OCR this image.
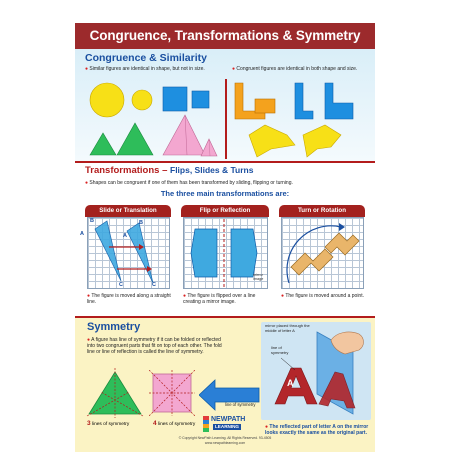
Congruence, Transformations & Symmetry
Congruence & Similarity
● Similar figures are identical in shape, but not in size.	● Congruent figures are identical in both shape and size.
Transformations – Flips, Slides & Turns
● Shapes can be congruent if one of them has been transformed by sliding, flipping or turning.
The three main transformations are:
Slide or Translation	Flip or Reflection	Turn or Rotation
B
A
C
B
A
C
mirror image
● The figure is moved along a straight line.
● The figure is flipped over a line creating a mirror image.
● The figure is moved around a point.
Symmetry
● A figure has line of symmetry if it can be folded or reflected into two congruent parts that fit on top of each other. The fold line or line of reflection is called the line of symmetry.
3 lines of symmetry	4 lines of symmetry
line of symmetry
mirror placed through the middle of letter A
line of symmetry
A
● The reflected part of letter A on the mirror looks exactly the same as the original part.
NEWPATH
LEARNING
© Copyright NewPath Learning. All Rights Reserved. 93-4505
www.newpathlearning.com
